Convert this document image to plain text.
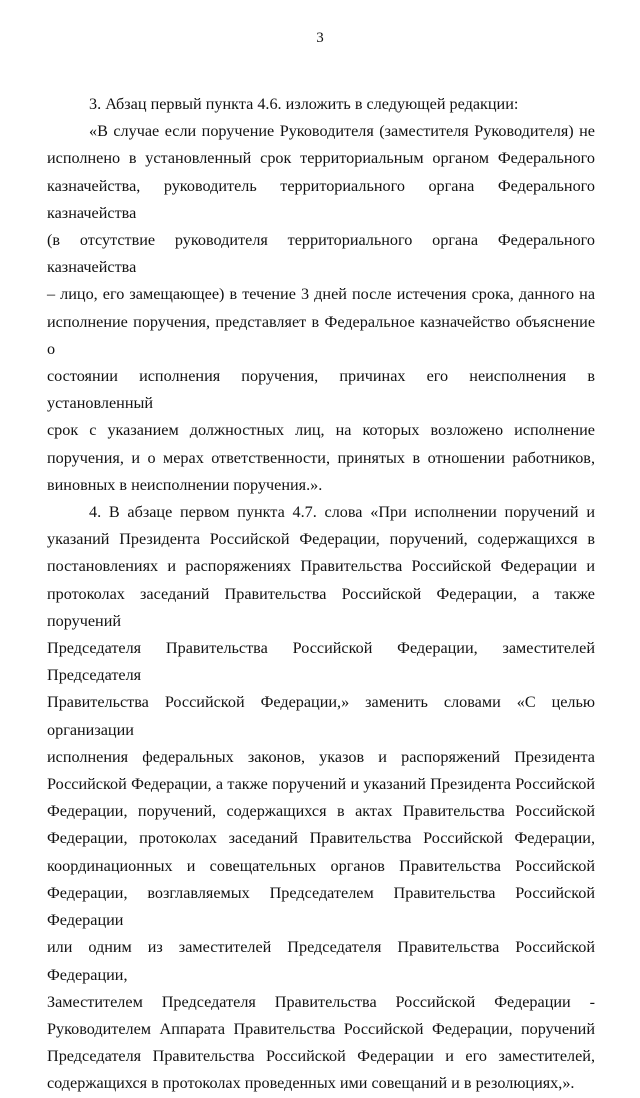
3
3. Абзац первый пункта 4.6. изложить в следующей редакции:
«В случае если поручение Руководителя (заместителя Руководителя) не
исполнено в установленный срок территориальным органом Федерального
казначейства, руководитель территориального органа Федерального казначейства
(в отсутствие руководителя территориального органа Федерального казначейства
– лицо, его замещающее) в течение 3 дней после истечения срока, данного на
исполнение поручения, представляет в Федеральное казначейство объяснение о
состоянии исполнения поручения, причинах его неисполнения в установленный
срок с указанием должностных лиц, на которых возложено исполнение
поручения, и о мерах ответственности, принятых в отношении работников,
виновных в неисполнении поручения.».
4. В абзаце первом пункта 4.7. слова «При исполнении поручений и
указаний Президента Российской Федерации, поручений, содержащихся в
постановлениях и распоряжениях Правительства Российской Федерации и
протоколах заседаний Правительства Российской Федерации, а также поручений
Председателя Правительства Российской Федерации, заместителей Председателя
Правительства Российской Федерации,» заменить словами «С целью организации
исполнения федеральных законов, указов и распоряжений Президента
Российской Федерации, а также поручений и указаний Президента Российской
Федерации, поручений, содержащихся в актах Правительства Российской
Федерации, протоколах заседаний Правительства Российской Федерации,
координационных и совещательных органов Правительства Российской
Федерации, возглавляемых Председателем Правительства Российской Федерации
или одним из заместителей Председателя Правительства Российской Федерации,
Заместителем Председателя Правительства Российской Федерации -
Руководителем Аппарата Правительства Российской Федерации, поручений
Председателя Правительства Российской Федерации и его заместителей,
содержащихся в протоколах проведенных ими совещаний и в резолюциях,».
